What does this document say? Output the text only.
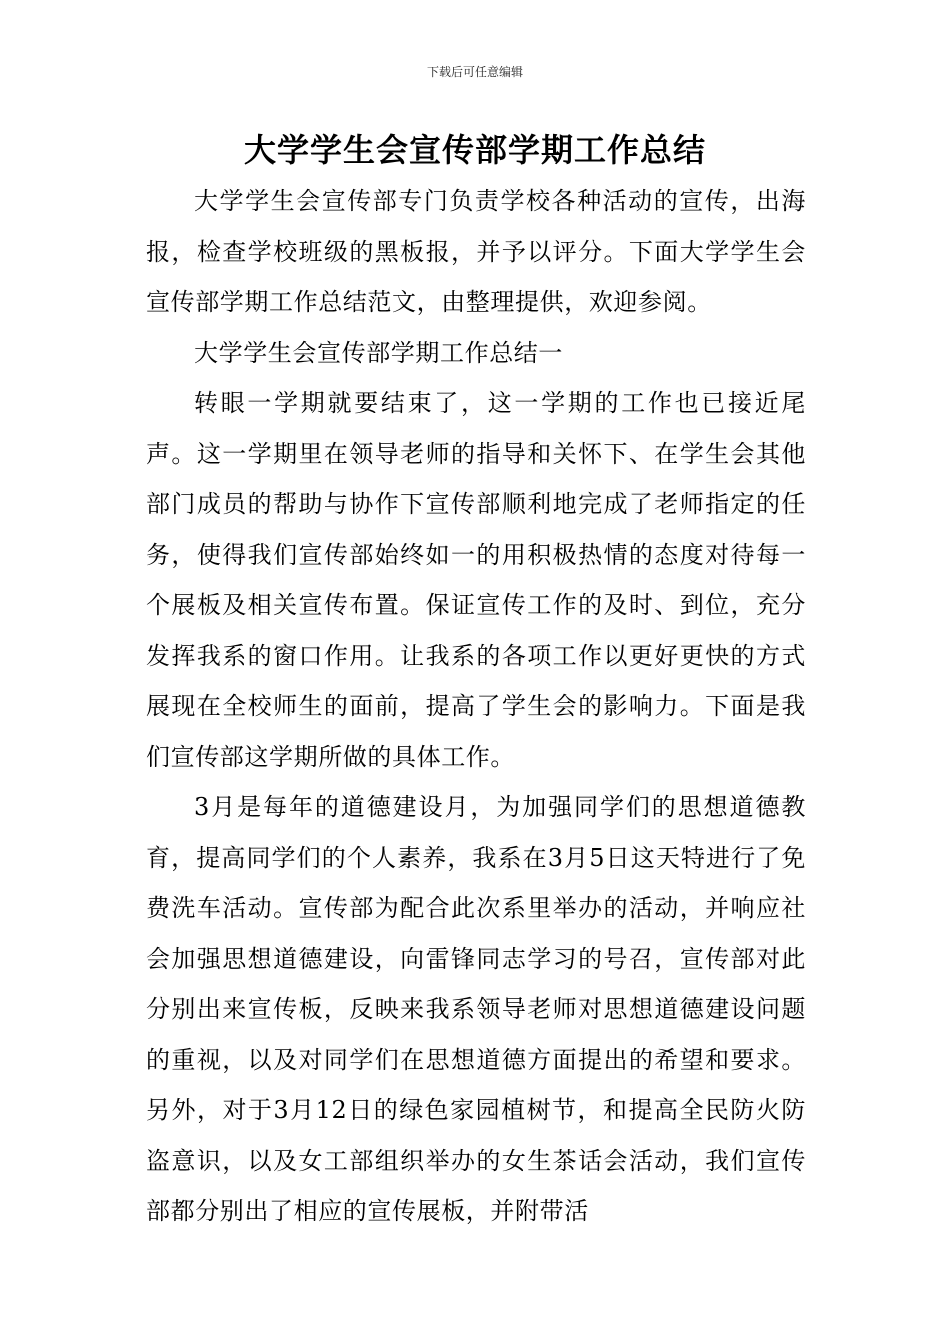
下载后可任意编辑
大学学生会宣传部学期工作总结

大学学生会宣传部专门负责学校各种活动的宣传，出海报，检查学校班级的黑板报，并予以评分。下面大学学生会宣传部学期工作总结范文，由整理提供，欢迎参阅。

大学学生会宣传部学期工作总结一

转眼一学期就要结束了，这一学期的工作也已接近尾声。这一学期里在领导老师的指导和关怀下、在学生会其他部门成员的帮助与协作下宣传部顺利地完成了老师指定的任务，使得我们宣传部始终如一的用积极热情的态度对待每一个展板及相关宣传布置。保证宣传工作的及时、到位，充分发挥我系的窗口作用。让我系的各项工作以更好更快的方式展现在全校师生的面前，提高了学生会的影响力。下面是我们宣传部这学期所做的具体工作。

3月是每年的道德建设月，为加强同学们的思想道德教育，提高同学们的个人素养，我系在3月5日这天特进行了免费洗车活动。宣传部为配合此次系里举办的活动，并响应社会加强思想道德建设，向雷锋同志学习的号召，宣传部对此分别出来宣传板，反映来我系领导老师对思想道德建设问题的重视，以及对同学们在思想道德方面提出的希望和要求。另外，对于3月12日的绿色家园植树节，和提高全民防火防盗意识，以及女工部组织举办的女生茶话会活动，我们宣传部都分别出了相应的宣传展板，并附带活
